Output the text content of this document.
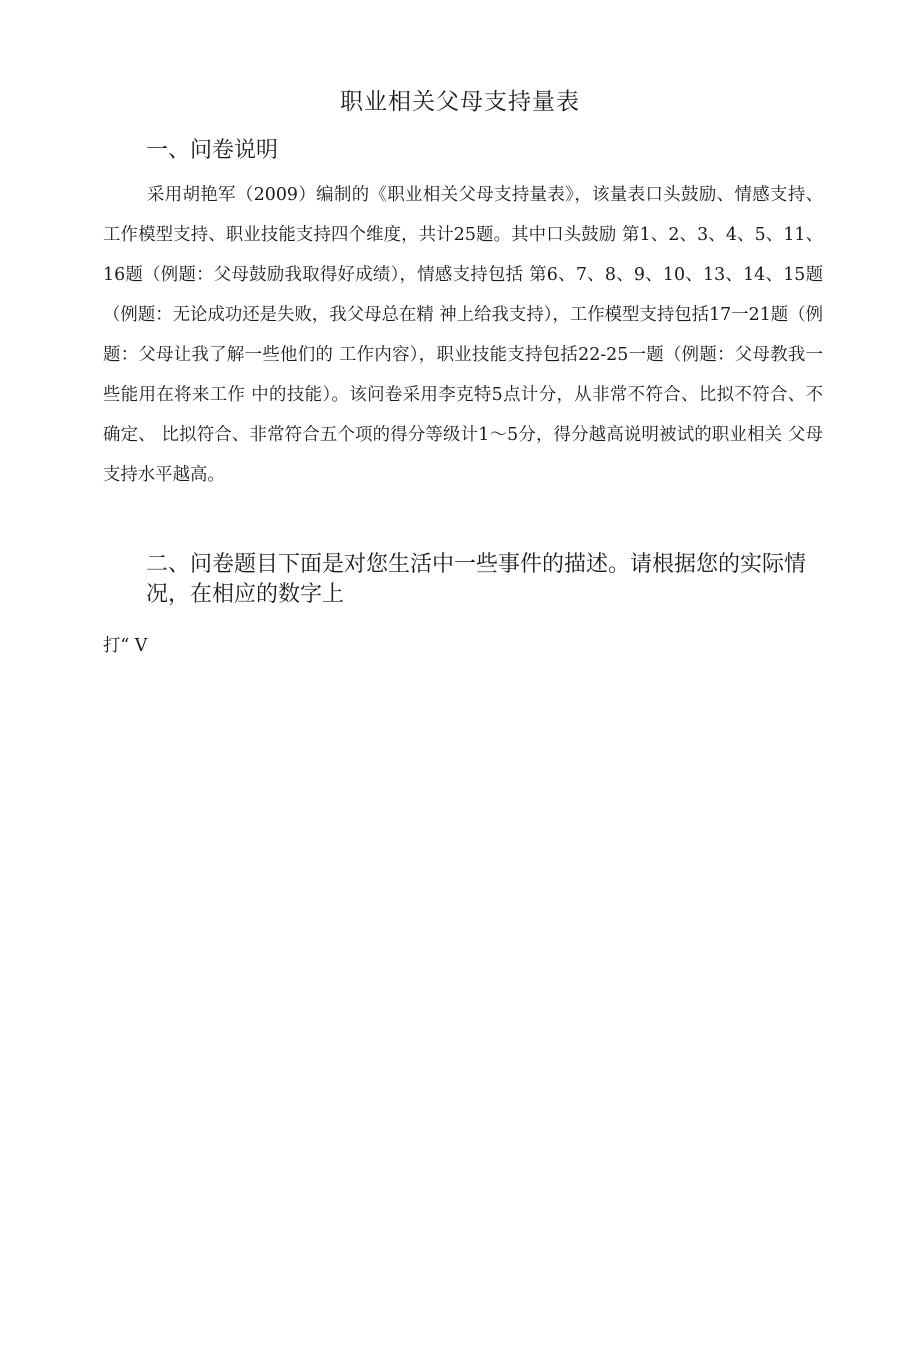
职业相关父母支持量表
一、问卷说明

采用胡艳军（2009）编制的《职业相关父母支持量表》，该量表口头鼓励、情感支持、工作模型支持、职业技能支持四个维度，共计25题。其中口头鼓励 第1、2、3、4、5、11、16题（例题：父母鼓励我取得好成绩），情感支持包括 第6、7、8、9、10、13、14、15题（例题：无论成功还是失败，我父母总在精 神上给我支持），工作模型支持包括17一21题（例题：父母让我了解一些他们的 工作内容），职业技能支持包括22-25一题（例题：父母教我一些能用在将来工作 中的技能）。该问卷采用李克特5点计分，从非常不符合、比拟不符合、不确定、 比拟符合、非常符合五个项的得分等级计1〜5分，得分越高说明被试的职业相关 父母支持水平越高。

二、问卷题目下面是对您生活中一些事件的描述。请根据您的实际情况，在相应的数字上

打“ V
